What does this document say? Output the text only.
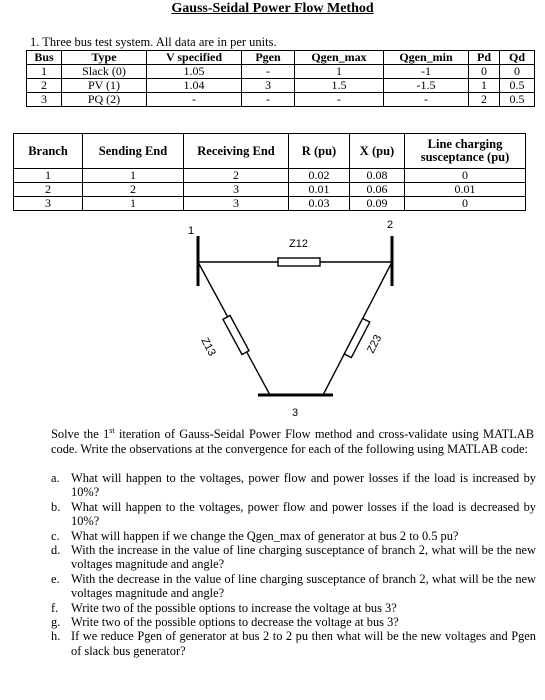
Gauss-Seidal Power Flow Method
1. Three bus test system. All data are in per units.
Bus	Type	V specified	Pgen	Qgen_max	Qgen_min	Pd	Qd
1	Slack (0)	1.05	-	1	-1	0	0
2	PV (1)	1.04	3	1.5	-1.5	1	0.5
3	PQ (2)	-	-	-	-	2	0.5
Branch	Sending End	Receiving End	R (pu)	X (pu)	Line charging susceptance (pu)
1	1	2	0.02	0.08	0
2	2	3	0.01	0.06	0.01
3	1	3	0.03	0.09	0
1	2
3
Z12
Z13	Z23
Solve the 1st iteration of Gauss-Seidal Power Flow method and cross-validate using MATLAB code. Write the observations at the convergence for each of the following using MATLAB code:
a. What will happen to the voltages, power flow and power losses if the load is increased by 10%?
b. What will happen to the voltages, power flow and power losses if the load is decreased by 10%?
c. What will happen if we change the Qgen_max of generator at bus 2 to 0.5 pu?
d. With the increase in the value of line charging susceptance of branch 2, what will be the new voltages magnitude and angle?
e. With the decrease in the value of line charging susceptance of branch 2, what will be the new voltages magnitude and angle?
f. Write two of the possible options to increase the voltage at bus 3?
g. Write two of the possible options to decrease the voltage at bus 3?
h. If we reduce Pgen of generator at bus 2 to 2 pu then what will be the new voltages and Pgen of slack bus generator?
